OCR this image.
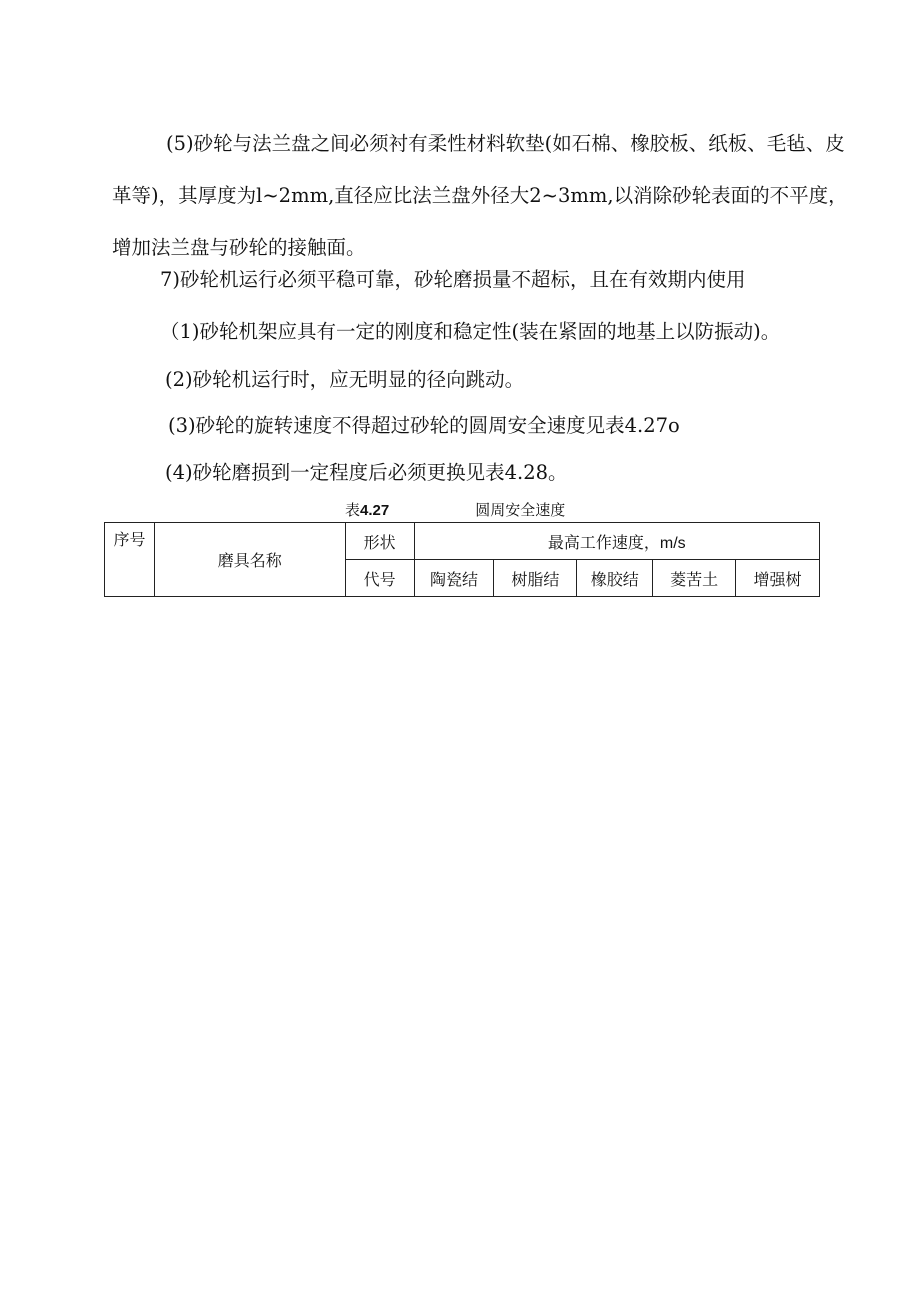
(5)砂轮与法兰盘之间必须衬有柔性材料软垫(如石棉、橡胶板、纸板、毛毡、皮革等)，其厚度为l~2mm,直径应比法兰盘外径大2~3mm,以消除砂轮表面的不平度，增加法兰盘与砂轮的接触面。

7)砂轮机运行必须平稳可靠，砂轮磨损量不超标，且在有效期内使用

（1)砂轮机架应具有一定的刚度和稳定性(装在紧固的地基上以防振动)。

(2)砂轮机运行时，应无明显的径向跳动。

(3)砂轮的旋转速度不得超过砂轮的圆周安全速度见表4.27o

(4)砂轮磨损到一定程度后必须更换见表4.28。

表4.27	圆周安全速度
序号	磨具名称	形状	最高工作速度，m/s				
		代号	陶瓷结	树脂结	橡胶结	菱苦土	增强树
